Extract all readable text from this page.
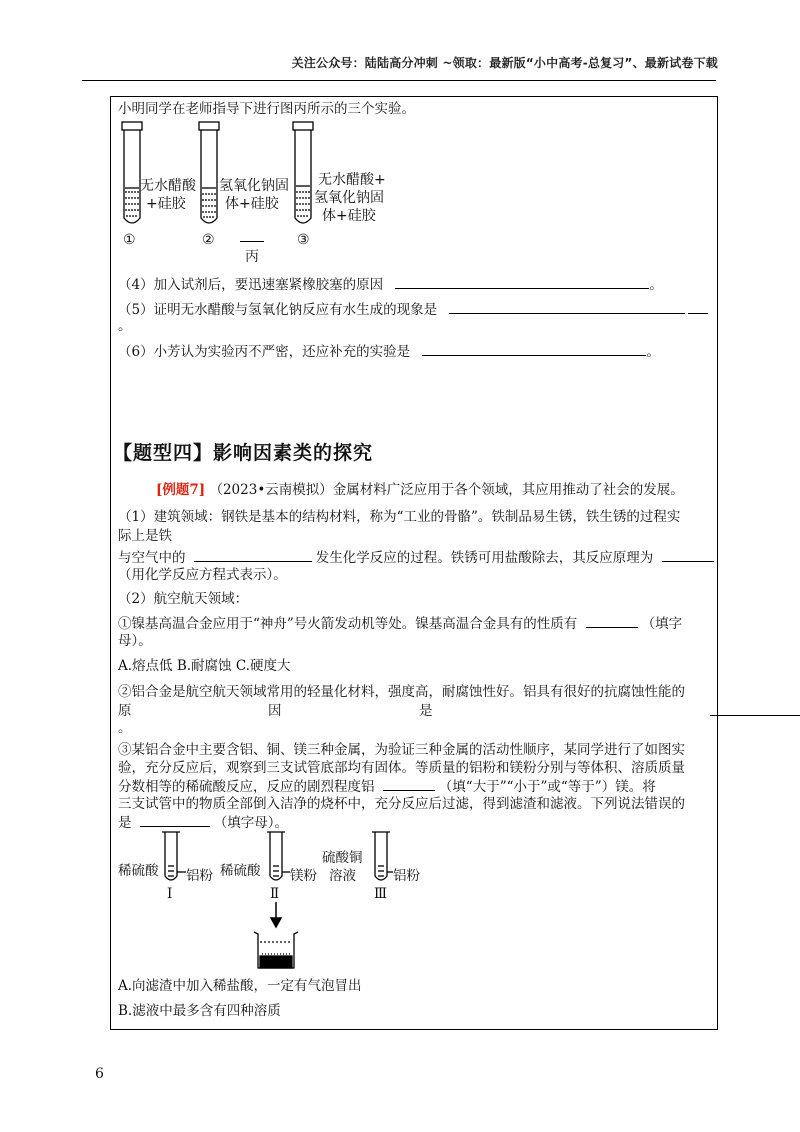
关注公众号：陆陆高分冲刺 ~领取：最新版“小中高考-总复习”、最新试卷下载
小明同学在老师指导下进行图丙所示的三个实验。
无水醋酸
+硅胶
氢氧化钠固
体+硅胶
无水醋酸+
氢氧化钠固
体+硅胶
①	②	③
丙
（4）加入试剂后，要迅速塞紧橡胶塞的原因	。
（5）证明无水醋酸与氢氧化钠反应有水生成的现象是
。
（6）小芳认为实验丙不严密，还应补充的实验是	。
【题型四】影响因素类的探究
[例题7] （2023•云南模拟）金属材料广泛应用于各个领域，其应用推动了社会的发展。
（1）建筑领域：钢铁是基本的结构材料，称为“工业的骨骼”。铁制品易生锈，铁生锈的过程实
际上是铁
与空气中的	发生化学反应的过程。铁锈可用盐酸除去，其反应原理为
（用化学反应方程式表示）。
（2）航空航天领域：
①镍基高温合金应用于“神舟”号火箭发动机等处。镍基高温合金具有的性质有	（填字
母）。
A.熔点低 B.耐腐蚀 C.硬度大
②铝合金是航空航天领域常用的轻量化材料，强度高，耐腐蚀性好。铝具有很好的抗腐蚀性能的
原	因	是
。
③某铝合金中主要含铝、铜、镁三种金属，为验证三种金属的活动性顺序，某同学进行了如图实
验，充分反应后，观察到三支试管底部均有固体。等质量的铝粉和镁粉分别与等体积、溶质质量
分数相等的稀硫酸反应，反应的剧烈程度铝	（填“大于”“小于”或“等于”）镁。将
三支试管中的物质全部倒入洁净的烧杯中，充分反应后过滤，得到滤渣和滤液。下列说法错误的
是	（填字母）。
稀硫酸 铝粉
Ⅰ
稀硫酸 镁粉
Ⅱ
硫酸铜
溶液	铝粉
Ⅲ
A.向滤渣中加入稀盐酸，一定有气泡冒出
B.滤液中最多含有四种溶质
6
